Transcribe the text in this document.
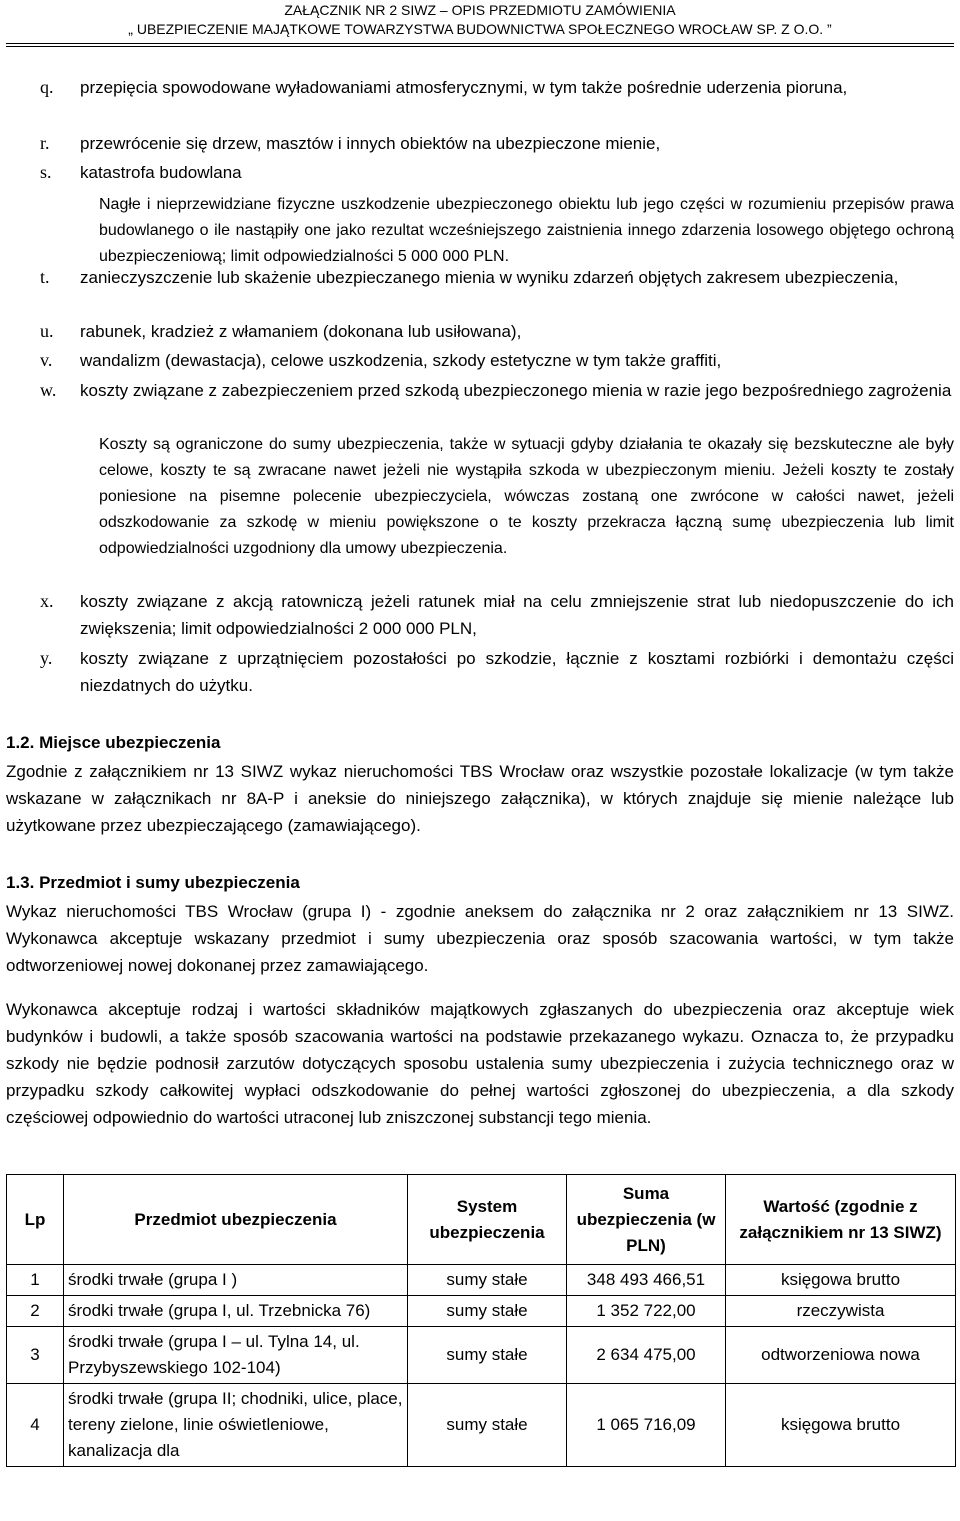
ZAŁĄCZNIK NR 2 SIWZ – OPIS PRZEDMIOTU ZAMÓWIENIA
„ UBEZPIECZENIE MAJĄTKOWE TOWARZYSTWA BUDOWNICTWA SPOŁECZNEGO WROCŁAW SP. Z O.O. ”
q.	przepięcia spowodowane wyładowaniami atmosferycznymi, w tym także pośrednie uderzenia pioruna,
r.	przewrócenie się drzew, masztów i innych obiektów na ubezpieczone mienie,
s.	katastrofa budowlana
Nagłe i nieprzewidziane fizyczne uszkodzenie ubezpieczonego obiektu lub jego części w rozumieniu przepisów prawa budowlanego o ile nastąpiły one jako rezultat wcześniejszego zaistnienia innego zdarzenia losowego objętego ochroną ubezpieczeniową; limit odpowiedzialności 5 000 000 PLN.
t.	zanieczyszczenie lub skażenie ubezpieczanego mienia w wyniku zdarzeń objętych zakresem ubezpieczenia,
u.	rabunek, kradzież z włamaniem (dokonana lub usiłowana),
v.	wandalizm (dewastacja), celowe uszkodzenia, szkody estetyczne w tym także graffiti,
w.	koszty związane z zabezpieczeniem przed szkodą ubezpieczonego mienia w razie jego bezpośredniego zagrożenia
Koszty są ograniczone do sumy ubezpieczenia, także w sytuacji gdyby działania te okazały się bezskuteczne ale były celowe, koszty te są zwracane nawet jeżeli nie wystąpiła szkoda w ubezpieczonym mieniu. Jeżeli koszty te zostały poniesione na pisemne polecenie ubezpieczyciela, wówczas zostaną one zwrócone w całości nawet, jeżeli odszkodowanie za szkodę w mieniu powiększone o te koszty przekracza łączną sumę ubezpieczenia lub limit odpowiedzialności uzgodniony dla umowy ubezpieczenia.
x.	koszty związane z akcją ratowniczą jeżeli ratunek miał na celu zmniejszenie strat lub niedopuszczenie do ich zwiększenia; limit odpowiedzialności 2 000 000 PLN,
y.	koszty związane z uprzątnięciem pozostałości po szkodzie, łącznie z kosztami rozbiórki i demontażu części niezdatnych do użytku.
1.2. Miejsce ubezpieczenia
Zgodnie z załącznikiem nr 13 SIWZ wykaz nieruchomości TBS Wrocław oraz wszystkie pozostałe lokalizacje (w tym także wskazane w załącznikach nr 8A-P i aneksie do niniejszego załącznika), w których znajduje się mienie należące lub użytkowane przez ubezpieczającego (zamawiającego).
1.3. Przedmiot i sumy ubezpieczenia
Wykaz nieruchomości TBS Wrocław (grupa I) - zgodnie aneksem do załącznika nr 2 oraz załącznikiem nr 13 SIWZ. Wykonawca akceptuje wskazany przedmiot i sumy ubezpieczenia oraz sposób szacowania wartości, w tym także odtworzeniowej nowej dokonanej przez zamawiającego.
Wykonawca akceptuje rodzaj i wartości składników majątkowych zgłaszanych do ubezpieczenia oraz akceptuje wiek budynków i budowli, a także sposób szacowania wartości na podstawie przekazanego wykazu. Oznacza to, że przypadku szkody nie będzie podnosił zarzutów dotyczących sposobu ustalenia sumy ubezpieczenia i zużycia technicznego oraz w przypadku szkody całkowitej wypłaci odszkodowanie do pełnej wartości zgłoszonej do ubezpieczenia, a dla szkody częściowej odpowiednio do wartości utraconej lub zniszczonej substancji tego mienia.
Lp	Przedmiot ubezpieczenia	System ubezpieczenia	Suma ubezpieczenia (w PLN)	Wartość (zgodnie z załącznikiem nr 13 SIWZ)
1	środki trwałe (grupa I )	sumy stałe	348 493 466,51	księgowa brutto
2	środki trwałe (grupa I, ul. Trzebnicka 76)	sumy stałe	1 352 722,00	rzeczywista
3	środki trwałe (grupa I – ul. Tylna 14, ul. Przybyszewskiego 102-104)	sumy stałe	2 634 475,00	odtworzeniowa nowa
4	środki trwałe (grupa II; chodniki, ulice, place, tereny zielone, linie oświetleniowe, kanalizacja dla	sumy stałe	1 065 716,09	księgowa brutto
